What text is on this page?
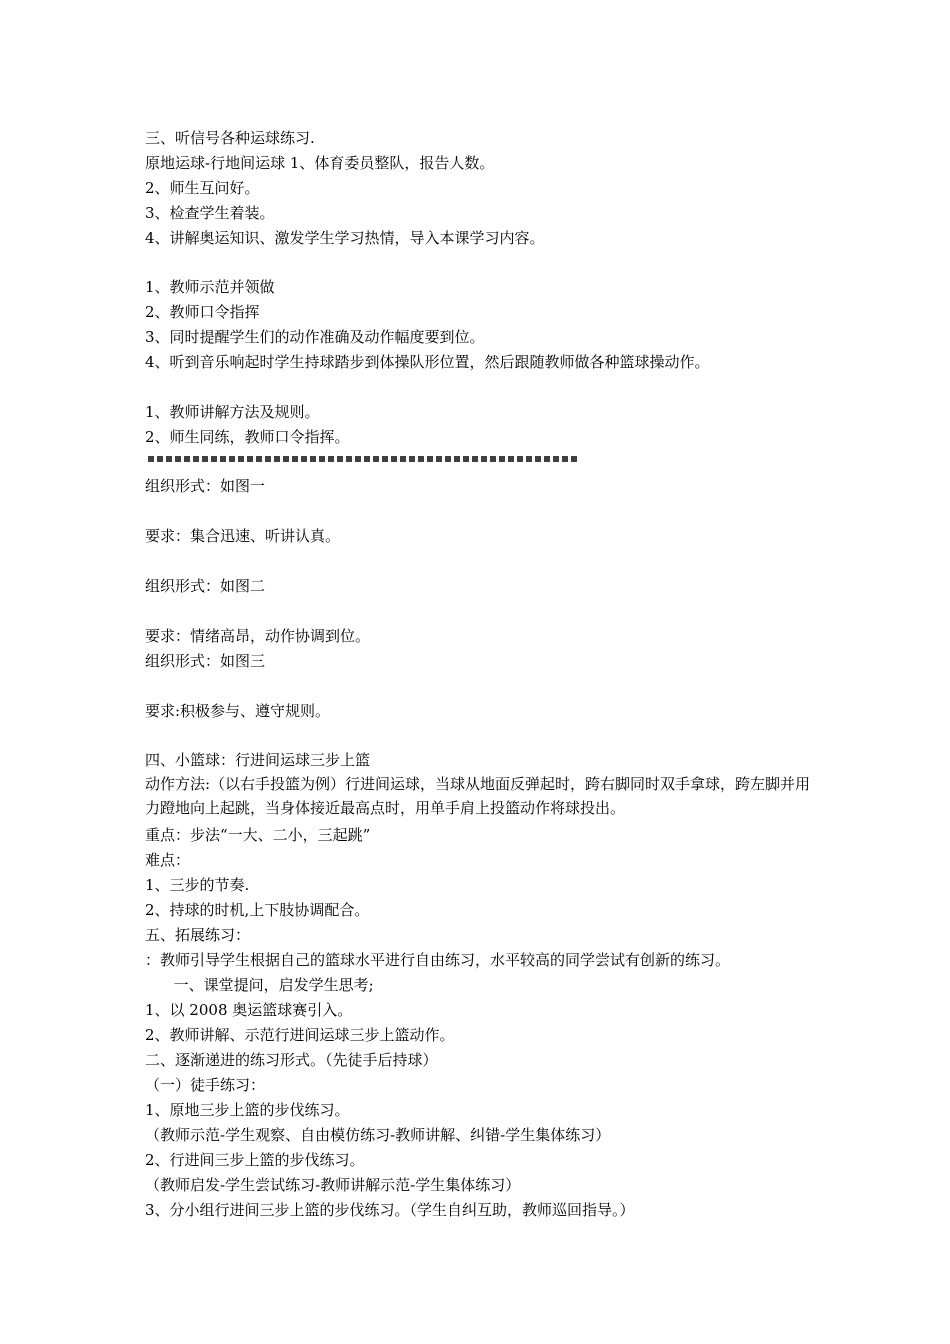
三、听信号各种运球练习.
原地运球-行地间运球 1、体育委员整队，报告人数。
2、师生互问好。
3、检查学生着装。
4、讲解奥运知识、激发学生学习热情，导入本课学习内容。
1、教师示范并领做
2、教师口令指挥
3、同时提醒学生们的动作准确及动作幅度要到位。
4、听到音乐响起时学生持球踏步到体操队形位置，然后跟随教师做各种篮球操动作。
1、教师讲解方法及规则。
2、师生同练，教师口令指挥。
组织形式：如图一
要求：集合迅速、听讲认真。
组织形式：如图二
要求：情绪高昂，动作协调到位。
组织形式：如图三
要求:积极参与、遵守规则。
四、小篮球：行进间运球三步上篮
动作方法:（以右手投篮为例）行进间运球，当球从地面反弹起时，跨右脚同时双手拿球，跨左脚并用力蹬地向上起跳，当身体接近最高点时，用单手肩上投篮动作将球投出。
重点：步法“一大、二小，三起跳”
难点：
1、三步的节奏.
2、持球的时机,上下肢协调配合。
五、拓展练习：
：教师引导学生根据自己的篮球水平进行自由练习，水平较高的同学尝试有创新的练习。
一、课堂提问，启发学生思考;
1、以 2008 奥运篮球赛引入。
2、教师讲解、示范行进间运球三步上篮动作。
二、逐渐递进的练习形式。（先徒手后持球）
（一）徒手练习：
1、原地三步上篮的步伐练习。
（教师示范-学生观察、自由模仿练习-教师讲解、纠错-学生集体练习）
2、行进间三步上篮的步伐练习。
（教师启发-学生尝试练习-教师讲解示范-学生集体练习）
3、分小组行进间三步上篮的步伐练习。（学生自纠互助，教师巡回指导。）
